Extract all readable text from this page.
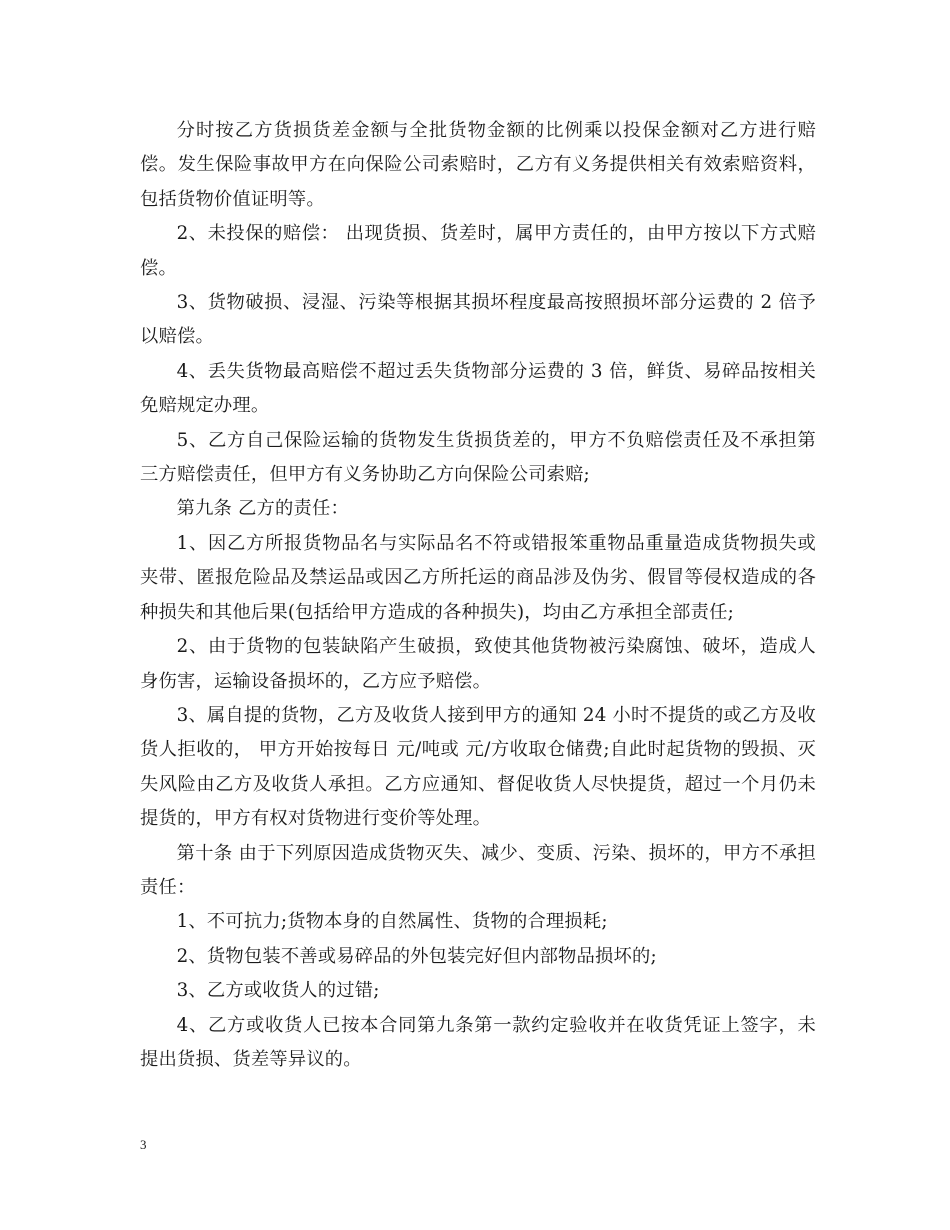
分时按乙方货损货差金额与全批货物金额的比例乘以投保金额对乙方进行赔偿。发生保险事故甲方在向保险公司索赔时，乙方有义务提供相关有效索赔资料，包括货物价值证明等。

2、未投保的赔偿： 出现货损、货差时，属甲方责任的，由甲方按以下方式赔偿。

3、货物破损、浸湿、污染等根据其损坏程度最高按照损坏部分运费的 2 倍予以赔偿。

4、丢失货物最高赔偿不超过丢失货物部分运费的 3 倍，鲜货、易碎品按相关免赔规定办理。

5、乙方自己保险运输的货物发生货损货差的，甲方不负赔偿责任及不承担第三方赔偿责任，但甲方有义务协助乙方向保险公司索赔;

第九条 乙方的责任：

1、因乙方所报货物品名与实际品名不符或错报笨重物品重量造成货物损失或夹带、匿报危险品及禁运品或因乙方所托运的商品涉及伪劣、假冒等侵权造成的各种损失和其他后果(包括给甲方造成的各种损失)，均由乙方承担全部责任;

2、由于货物的包装缺陷产生破损，致使其他货物被污染腐蚀、破坏，造成人身伤害，运输设备损坏的，乙方应予赔偿。

3、属自提的货物，乙方及收货人接到甲方的通知 24 小时不提货的或乙方及收货人拒收的， 甲方开始按每日 元/吨或 元/方收取仓储费;自此时起货物的毁损、灭失风险由乙方及收货人承担。乙方应通知、督促收货人尽快提货，超过一个月仍未提货的，甲方有权对货物进行变价等处理。

第十条 由于下列原因造成货物灭失、减少、变质、污染、损坏的，甲方不承担责任：

1、不可抗力;货物本身的自然属性、货物的合理损耗;

2、货物包装不善或易碎品的外包装完好但内部物品损坏的;

3、乙方或收货人的过错;

4、乙方或收货人已按本合同第九条第一款约定验收并在收货凭证上签字，未提出货损、货差等异议的。

3
